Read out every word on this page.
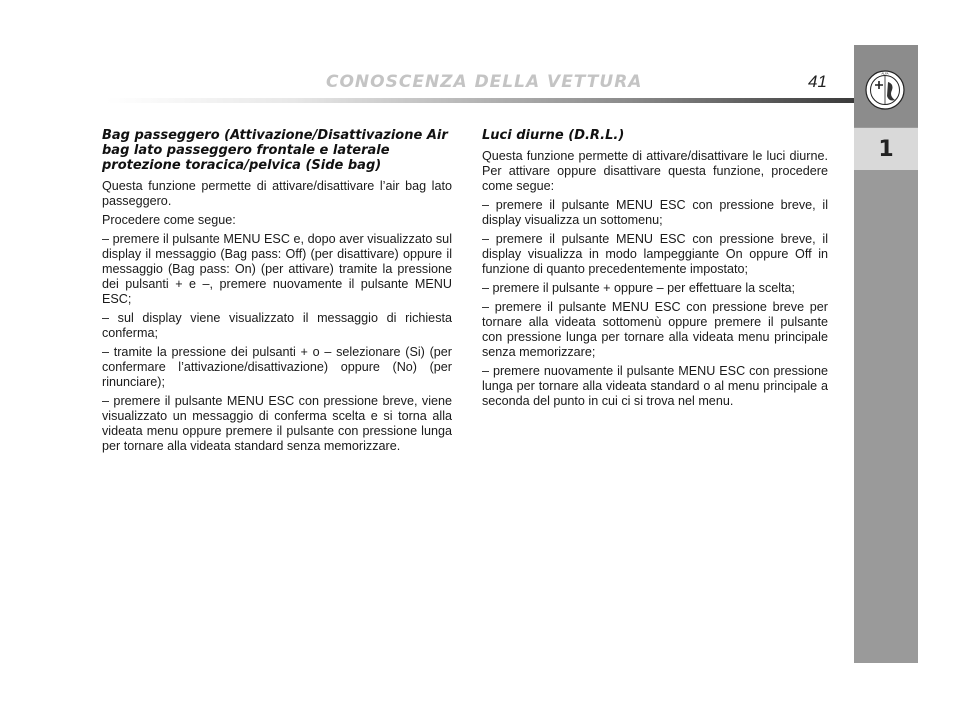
CONOSCENZA DELLA VETTURA	41	ALFA
1
Bag passeggero (Attivazione/Disattivazione Air bag lato passeggero frontale e laterale protezione toracica/pelvica (Side bag)

Questa funzione permette di attivare/disattivare l’air bag lato passeggero.

Procedere come segue:

– premere il pulsante MENU ESC e, dopo aver visualizzato sul display il messaggio (Bag pass: Off) (per disattivare) oppure il messaggio (Bag pass: On) (per attivare) tramite la pressione dei pulsanti + e –, premere nuovamente il pulsante MENU ESC;

– sul display viene visualizzato il messaggio di richiesta conferma;

– tramite la pressione dei pulsanti + o – selezionare (Si) (per confermare l’attivazione/disattivazione) oppure (No) (per rinunciare);

– premere il pulsante MENU ESC con pressione breve, viene visualizzato un messaggio di conferma scelta e si torna alla videata menu oppure premere il pulsante con pressione lunga per tornare alla videata standard senza memorizzare.

Luci diurne (D.R.L.)

Questa funzione permette di attivare/disattivare le luci diurne. Per attivare oppure disattivare questa funzione, procedere come segue:

– premere il pulsante MENU ESC con pressione breve, il display visualizza un sottomenu;

– premere il pulsante MENU ESC con pressione breve, il display visualizza in modo lampeggiante On oppure Off in funzione di quanto precedentemente impostato;

– premere il pulsante + oppure – per effettuare la scelta;

– premere il pulsante MENU ESC con pressione breve per tornare alla videata sottomenù oppure premere il pulsante con pressione lunga per tornare alla videata menu principale senza memorizzare;

– premere nuovamente il pulsante MENU ESC con pressione lunga per tornare alla videata standard o al menu principale a seconda del punto in cui ci si trova nel menu.
